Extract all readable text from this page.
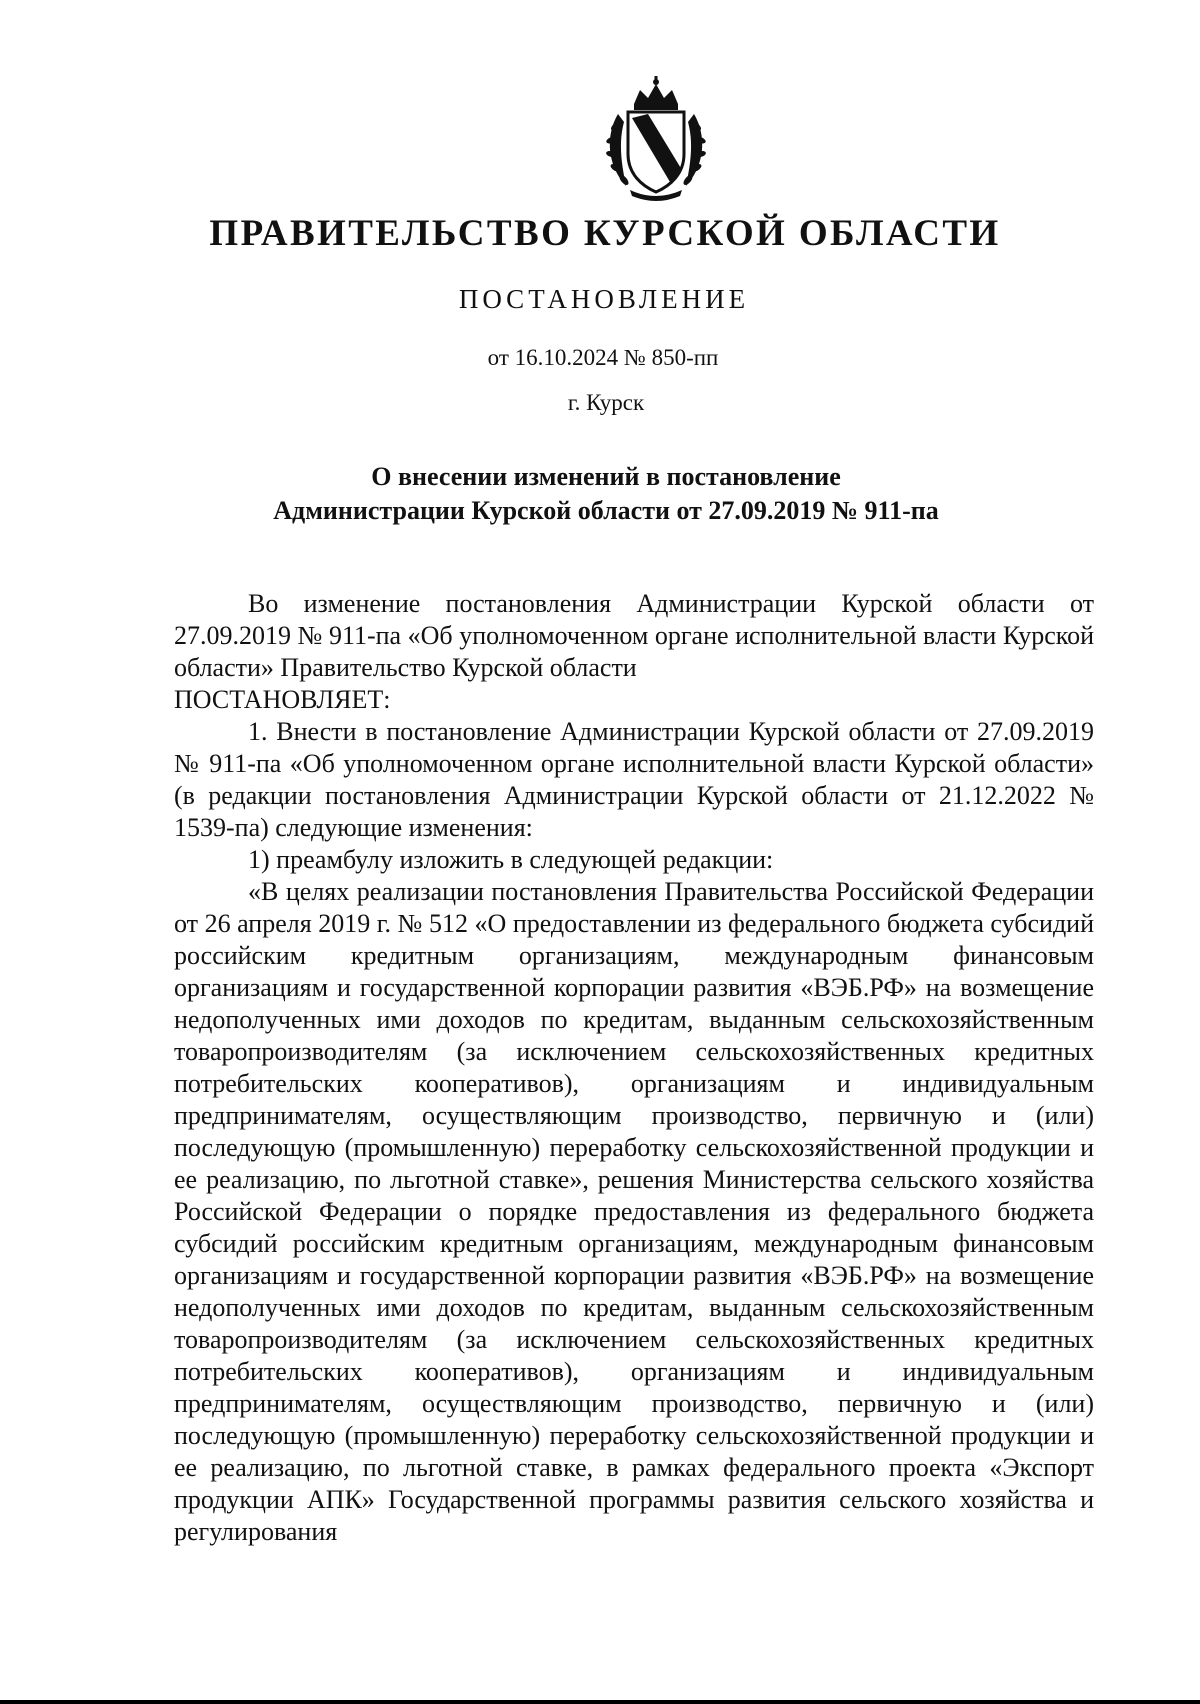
ПРАВИТЕЛЬСТВО КУРСКОЙ ОБЛАСТИ
ПОСТАНОВЛЕНИЕ
от 16.10.2024 № 850-пп
г. Курск
О внесении изменений в постановление
Администрации Курской области от 27.09.2019 № 911-па

Во изменение постановления Администрации Курской области от 27.09.2019 № 911-па «Об уполномоченном органе исполнительной власти Курской области» Правительство Курской области

ПОСТАНОВЛЯЕТ:

1. Внести в постановление Администрации Курской области от 27.09.2019 № 911-па «Об уполномоченном органе исполнительной власти Курской области» (в редакции постановления Администрации Курской области от 21.12.2022 № 1539-па) следующие изменения:

1) преамбулу изложить в следующей редакции:

«В целях реализации постановления Правительства Российской Федерации от 26 апреля 2019 г. № 512 «О предоставлении из федерального бюджета субсидий российским кредитным организациям, международным финансовым организациям и государственной корпорации развития «ВЭБ.РФ» на возмещение недополученных ими доходов по кредитам, выданным сельскохозяйственным товаропроизводителям (за исключением сельскохозяйственных кредитных потребительских кооперативов), организациям и индивидуальным предпринимателям, осуществляющим производство, первичную и (или) последующую (промышленную) переработку сельскохозяйственной продукции и ее реализацию, по льготной ставке», решения Министерства сельского хозяйства Российской Федерации о порядке предоставления из федерального бюджета субсидий российским кредитным организациям, международным финансовым организациям и государственной корпорации развития «ВЭБ.РФ» на возмещение недополученных ими доходов по кредитам, выданным сельскохозяйственным товаропроизводителям (за исключением сельскохозяйственных кредитных потребительских кооперативов), организациям и индивидуальным предпринимателям, осуществляющим производство, первичную и (или) последующую (промышленную) переработку сельскохозяйственной продукции и ее реализацию, по льготной ставке, в рамках федерального проекта «Экспорт продукции АПК» Государственной программы развития сельского хозяйства и регулирования
